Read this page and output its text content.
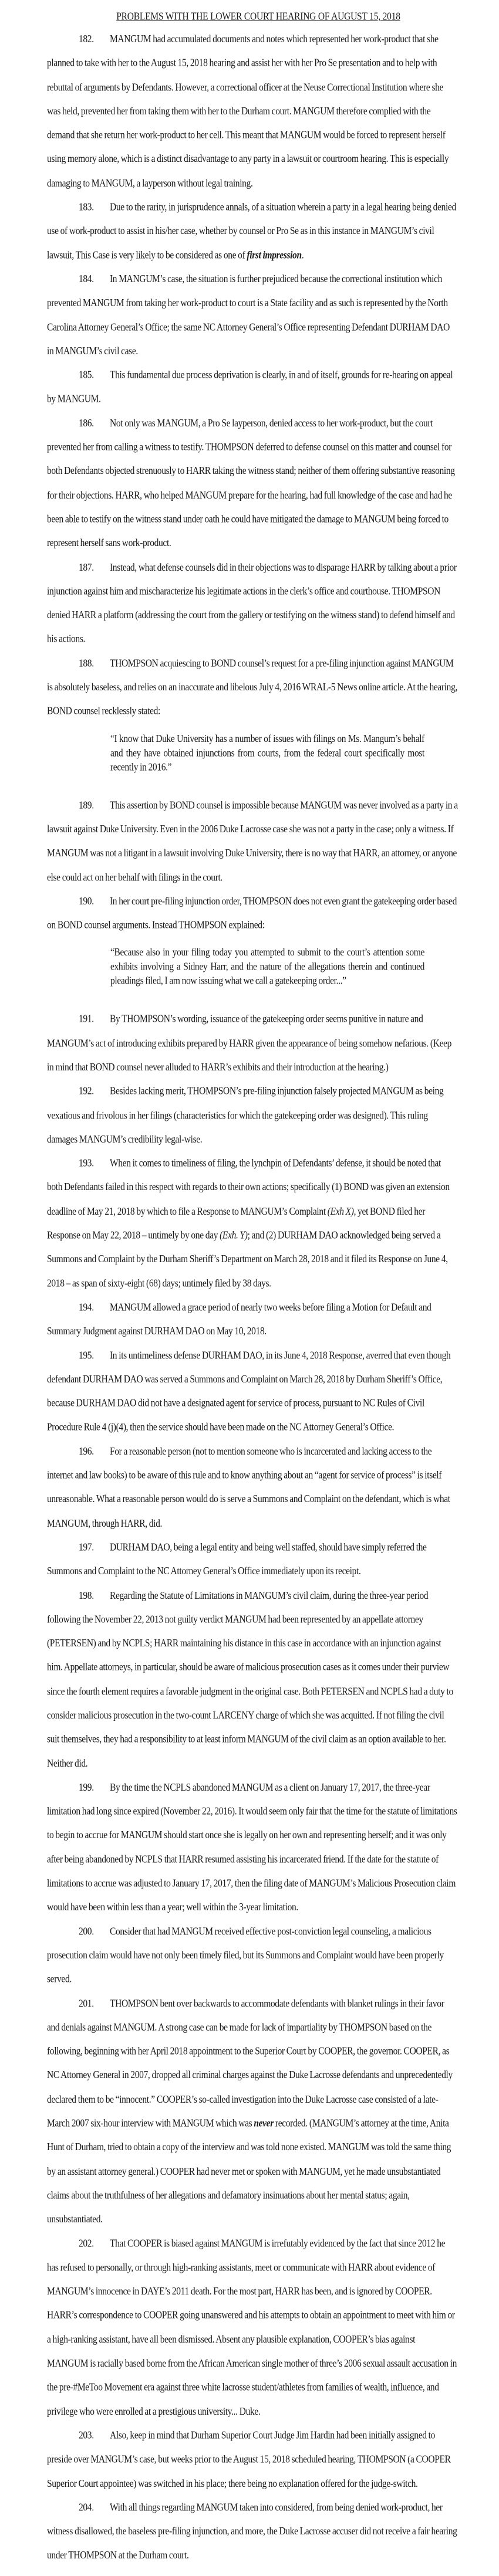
PROBLEMS WITH THE LOWER COURT HEARING OF AUGUST 15, 2018

182. MANGUM had accumulated documents and notes which represented her work-product that she planned to take with her to the August 15, 2018 hearing and assist her with her Pro Se presentation and to help with rebuttal of arguments by Defendants. However, a correctional officer at the Neuse Correctional Institution where she was held, prevented her from taking them with her to the Durham court. MANGUM therefore complied with the demand that she return her work-product to her cell. This meant that MANGUM would be forced to represent herself using memory alone, which is a distinct disadvantage to any party in a lawsuit or courtroom hearing. This is especially damaging to MANGUM, a layperson without legal training.

183. Due to the rarity, in jurisprudence annals, of a situation wherein a party in a legal hearing being denied use of work-product to assist in his/her case, whether by counsel or Pro Se as in this instance in MANGUM’s civil lawsuit, This Case is very likely to be considered as one of first impression.

184. In MANGUM’s case, the situation is further prejudiced because the correctional institution which prevented MANGUM from taking her work-product to court is a State facility and as such is represented by the North Carolina Attorney General’s Office; the same NC Attorney General’s Office representing Defendant DURHAM DAO in MANGUM’s civil case.

185. This fundamental due process deprivation is clearly, in and of itself, grounds for re-hearing on appeal by MANGUM.

186. Not only was MANGUM, a Pro Se layperson, denied access to her work-product, but the court prevented her from calling a witness to testify. THOMPSON deferred to defense counsel on this matter and counsel for both Defendants objected strenuously to HARR taking the witness stand; neither of them offering substantive reasoning for their objections. HARR, who helped MANGUM prepare for the hearing, had full knowledge of the case and had he been able to testify on the witness stand under oath he could have mitigated the damage to MANGUM being forced to represent herself sans work-product.

187. Instead, what defense counsels did in their objections was to disparage HARR by talking about a prior injunction against him and mischaracterize his legitimate actions in the clerk’s office and courthouse. THOMPSON denied HARR a platform (addressing the court from the gallery or testifying on the witness stand) to defend himself and his actions.

188. THOMPSON acquiescing to BOND counsel’s request for a pre-filing injunction against MANGUM is absolutely baseless, and relies on an inaccurate and libelous July 4, 2016 WRAL-5 News online article. At the hearing, BOND counsel recklessly stated:

“I know that Duke University has a number of issues with filings on Ms. Mangum’s behalf and they have obtained injunctions from courts, from the federal court specifically most recently in 2016.”

189. This assertion by BOND counsel is impossible because MANGUM was never involved as a party in a lawsuit against Duke University. Even in the 2006 Duke Lacrosse case she was not a party in the case; only a witness. If MANGUM was not a litigant in a lawsuit involving Duke University, there is no way that HARR, an attorney, or anyone else could act on her behalf with filings in the court.

190. In her court pre-filing injunction order, THOMPSON does not even grant the gatekeeping order based on BOND counsel arguments. Instead THOMPSON explained:

“Because also in your filing today you attempted to submit to the court’s attention some exhibits involving a Sidney Harr, and the nature of the allegations therein and continued pleadings filed, I am now issuing what we call a gatekeeping order...”

191. By THOMPSON’s wording, issuance of the gatekeeping order seems punitive in nature and MANGUM’s act of introducing exhibits prepared by HARR given the appearance of being somehow nefarious. (Keep in mind that BOND counsel never alluded to HARR’s exhibits and their introduction at the hearing.)

192. Besides lacking merit, THOMPSON’s pre-filing injunction falsely projected MANGUM as being vexatious and frivolous in her filings (characteristics for which the gatekeeping order was designed). This ruling damages MANGUM’s credibility legal-wise.

193. When it comes to timeliness of filing, the lynchpin of Defendants’ defense, it should be noted that both Defendants failed in this respect with regards to their own actions; specifically (1) BOND was given an extension deadline of May 21, 2018 by which to file a Response to MANGUM’s Complaint (Exh X), yet BOND filed her Response on May 22, 2018 – untimely by one day (Exh. Y); and (2) DURHAM DAO acknowledged being served a Summons and Complaint by the Durham Sheriff’s Department on March 28, 2018 and it filed its Response on June 4, 2018 – as span of sixty-eight (68) days; untimely filed by 38 days.

194. MANGUM allowed a grace period of nearly two weeks before filing a Motion for Default and Summary Judgment against DURHAM DAO on May 10, 2018.

195. In its untimeliness defense DURHAM DAO, in its June 4, 2018 Response, averred that even though defendant DURHAM DAO was served a Summons and Complaint on March 28, 2018 by Durham Sheriff’s Office, because DURHAM DAO did not have a designated agent for service of process, pursuant to NC Rules of Civil Procedure Rule 4 (j)(4), then the service should have been made on the NC Attorney General’s Office.

196. For a reasonable person (not to mention someone who is incarcerated and lacking access to the internet and law books) to be aware of this rule and to know anything about an “agent for service of process” is itself unreasonable. What a reasonable person would do is serve a Summons and Complaint on the defendant, which is what MANGUM, through HARR, did.

197. DURHAM DAO, being a legal entity and being well staffed, should have simply referred the Summons and Complaint to the NC Attorney General’s Office immediately upon its receipt.

198. Regarding the Statute of Limitations in MANGUM’s civil claim, during the three-year period following the November 22, 2013 not guilty verdict MANGUM had been represented by an appellate attorney (PETERSEN) and by NCPLS; HARR maintaining his distance in this case in accordance with an injunction against him. Appellate attorneys, in particular, should be aware of malicious prosecution cases as it comes under their purview since the fourth element requires a favorable judgment in the original case. Both PETERSEN and NCPLS had a duty to consider malicious prosecution in the two-count LARCENY charge of which she was acquitted. If not filing the civil suit themselves, they had a responsibility to at least inform MANGUM of the civil claim as an option available to her. Neither did.

199. By the time the NCPLS abandoned MANGUM as a client on January 17, 2017, the three-year limitation had long since expired (November 22, 2016). It would seem only fair that the time for the statute of limitations to begin to accrue for MANGUM should start once she is legally on her own and representing herself; and it was only after being abandoned by NCPLS that HARR resumed assisting his incarcerated friend. If the date for the statute of limitations to accrue was adjusted to January 17, 2017, then the filing date of MANGUM’s Malicious Prosecution claim would have been within less than a year; well within the 3-year limitation.

200. Consider that had MANGUM received effective post-conviction legal counseling, a malicious prosecution claim would have not only been timely filed, but its Summons and Complaint would have been properly served.

201. THOMPSON bent over backwards to accommodate defendants with blanket rulings in their favor and denials against MANGUM. A strong case can be made for lack of impartiality by THOMPSON based on the following, beginning with her April 2018 appointment to the Superior Court by COOPER, the governor. COOPER, as NC Attorney General in 2007, dropped all criminal charges against the Duke Lacrosse defendants and unprecedentedly declared them to be “innocent.” COOPER’s so-called investigation into the Duke Lacrosse case consisted of a late-March 2007 six-hour interview with MANGUM which was never recorded. (MANGUM’s attorney at the time, Anita Hunt of Durham, tried to obtain a copy of the interview and was told none existed. MANGUM was told the same thing by an assistant attorney general.) COOPER had never met or spoken with MANGUM, yet he made unsubstantiated claims about the truthfulness of her allegations and defamatory insinuations about her mental status; again, unsubstantiated.

202. That COOPER is biased against MANGUM is irrefutably evidenced by the fact that since 2012 he has refused to personally, or through high-ranking assistants, meet or communicate with HARR about evidence of MANGUM’s innocence in DAYE’s 2011 death. For the most part, HARR has been, and is ignored by COOPER. HARR’s correspondence to COOPER going unanswered and his attempts to obtain an appointment to meet with him or a high-ranking assistant, have all been dismissed. Absent any plausible explanation, COOPER’s bias against MANGUM is racially based borne from the African American single mother of three’s 2006 sexual assault accusation in the pre-#MeToo Movement era against three white lacrosse student/athletes from families of wealth, influence, and privilege who were enrolled at a prestigious university... Duke.

203. Also, keep in mind that Durham Superior Court Judge Jim Hardin had been initially assigned to preside over MANGUM’s case, but weeks prior to the August 15, 2018 scheduled hearing, THOMPSON (a COOPER Superior Court appointee) was switched in his place; there being no explanation offered for the judge-switch.

204. With all things regarding MANGUM taken into considered, from being denied work-product, her witness disallowed, the baseless pre-filing injunction, and more, the Duke Lacrosse accuser did not receive a fair hearing under THOMPSON at the Durham court.
